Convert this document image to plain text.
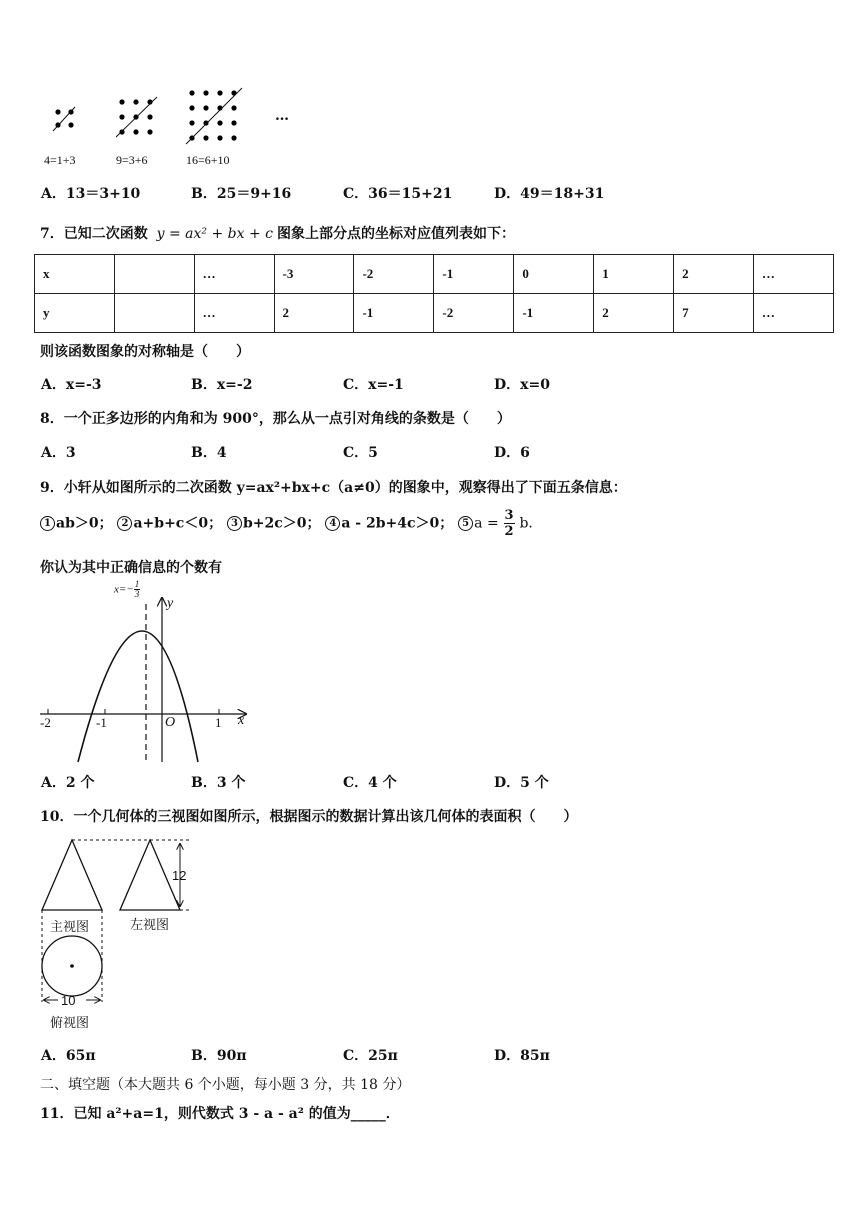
…
4=1+3	9=3+6	16=6+10
A．13＝3+10	B．25＝9+16	C．36＝15+21	D．49＝18+31
7．已知二次函数 y = ax² + bx + c 图象上部分点的坐标对应值列表如下：
x		…	-3	-2	-1	0	1	2	…
y		…	2	-1	-2	-1	2	7	…
则该函数图象的对称轴是（　　）
A．x=-3	B．x=-2	C．x=-1	D．x=0
8．一个正多边形的内角和为 900°，那么从一点引对角线的条数是（　　）
A．3	B．4	C．5	D．6
9．小轩从如图所示的二次函数 y=ax²+bx+c（a≠0）的图象中，观察得出了下面五条信息：
1 ab＞0； 2 a+b+c＜0； 3 b+2c＞0； 4 a - 2b+4c＞0； 5 $a = \frac{3}{2}$ b．
你认为其中正确信息的个数有
$x=- \frac{1}{3}$
y
x
O
-2	-1	1
A．2 个	B．3 个	C．4 个	D．5 个
10．一个几何体的三视图如图所示，根据图示的数据计算出该几何体的表面积（　　）
12
主视图	左视图
10
俯视图
A．65π	B．90π	C．25π	D．85π
二、填空题（本大题共 6 个小题，每小题 3 分，共 18 分）
11．已知 a²+a=1，则代数式 3 - a - a² 的值为_____．
